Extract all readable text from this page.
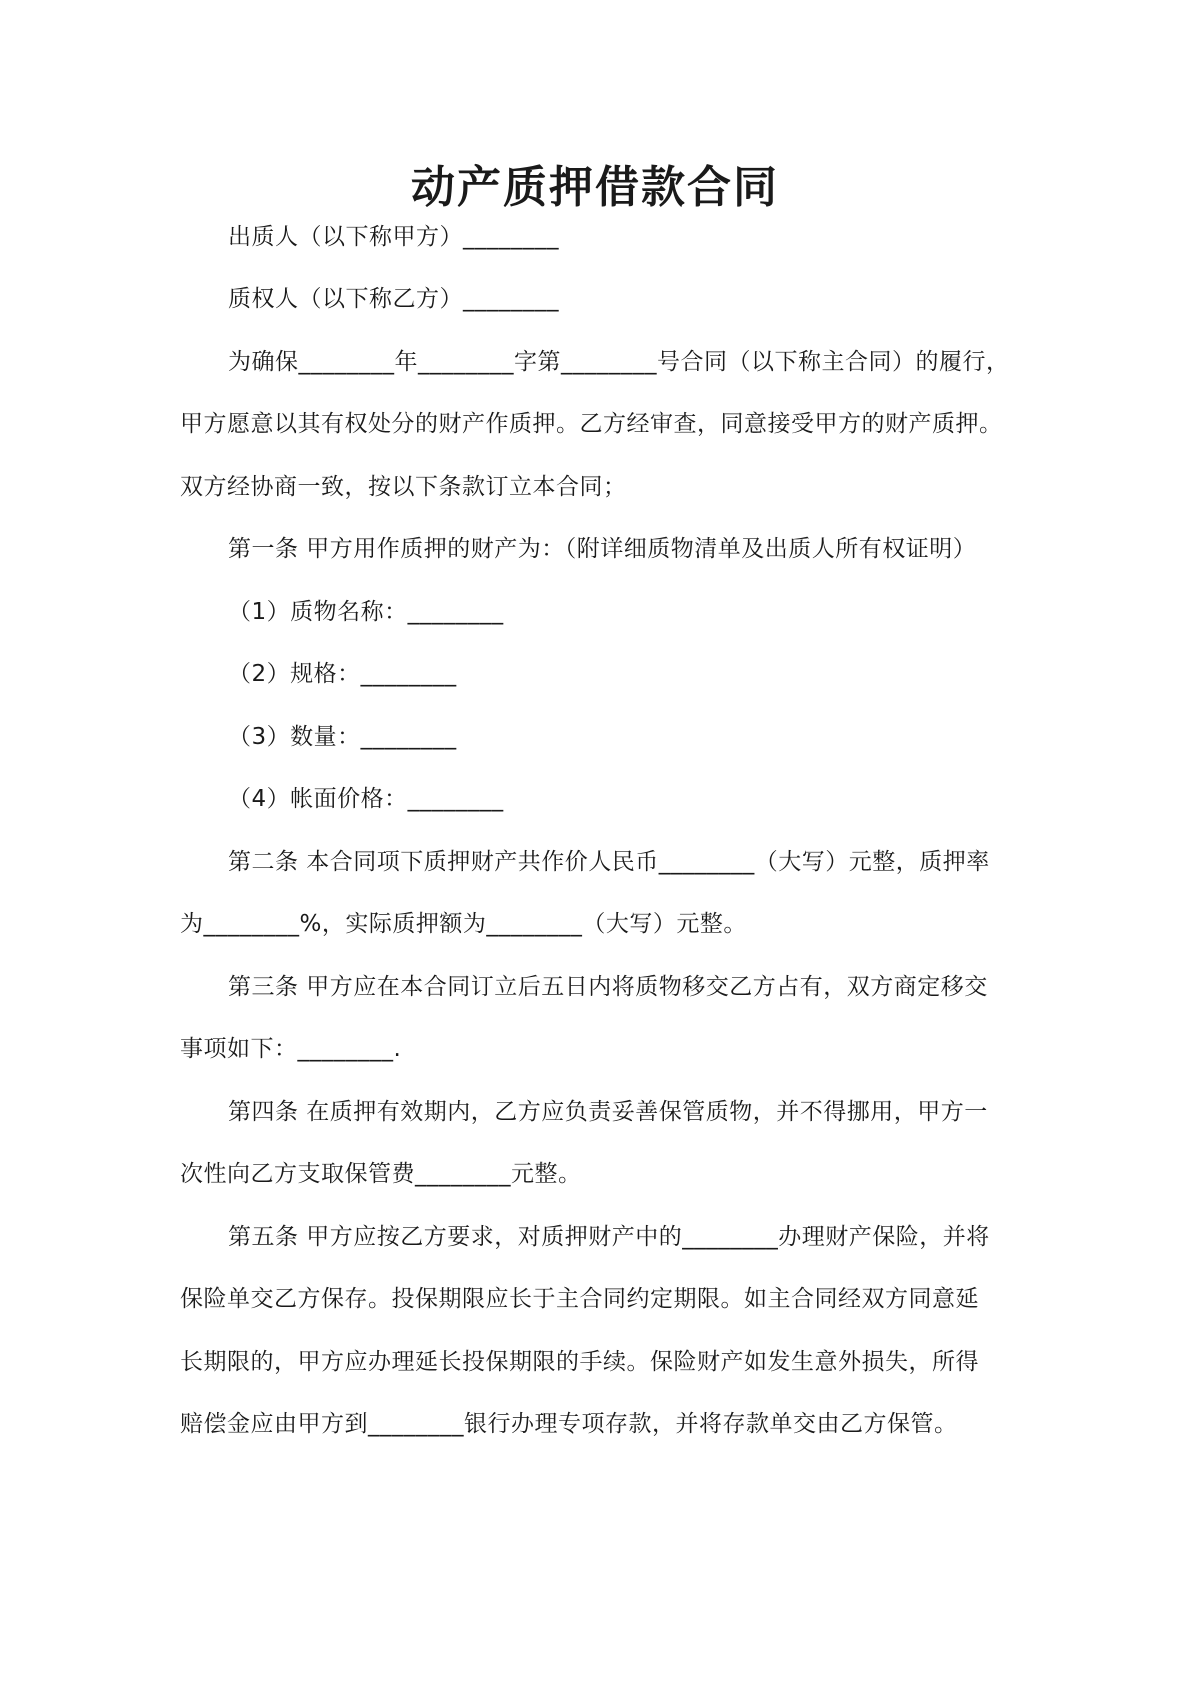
动产质押借款合同

出质人（以下称甲方）________

质权人（以下称乙方）________

为确保________年________字第________号合同（以下称主合同）的履行，

甲方愿意以其有权处分的财产作质押。乙方经审查，同意接受甲方的财产质押。

双方经协商一致，按以下条款订立本合同；

第一条 甲方用作质押的财产为：（附详细质物清单及出质人所有权证明）

（1）质物名称：________

（2）规格：________

（3）数量：________

（4）帐面价格：________

第二条 本合同项下质押财产共作价人民币________（大写）元整，质押率

为________%，实际质押额为________（大写）元整。

第三条 甲方应在本合同订立后五日内将质物移交乙方占有，双方商定移交

事项如下：________.

第四条 在质押有效期内，乙方应负责妥善保管质物，并不得挪用，甲方一

次性向乙方支取保管费________元整。

第五条 甲方应按乙方要求，对质押财产中的________办理财产保险，并将

保险单交乙方保存。投保期限应长于主合同约定期限。如主合同经双方同意延

长期限的，甲方应办理延长投保期限的手续。保险财产如发生意外损失，所得

赔偿金应由甲方到________银行办理专项存款，并将存款单交由乙方保管。
